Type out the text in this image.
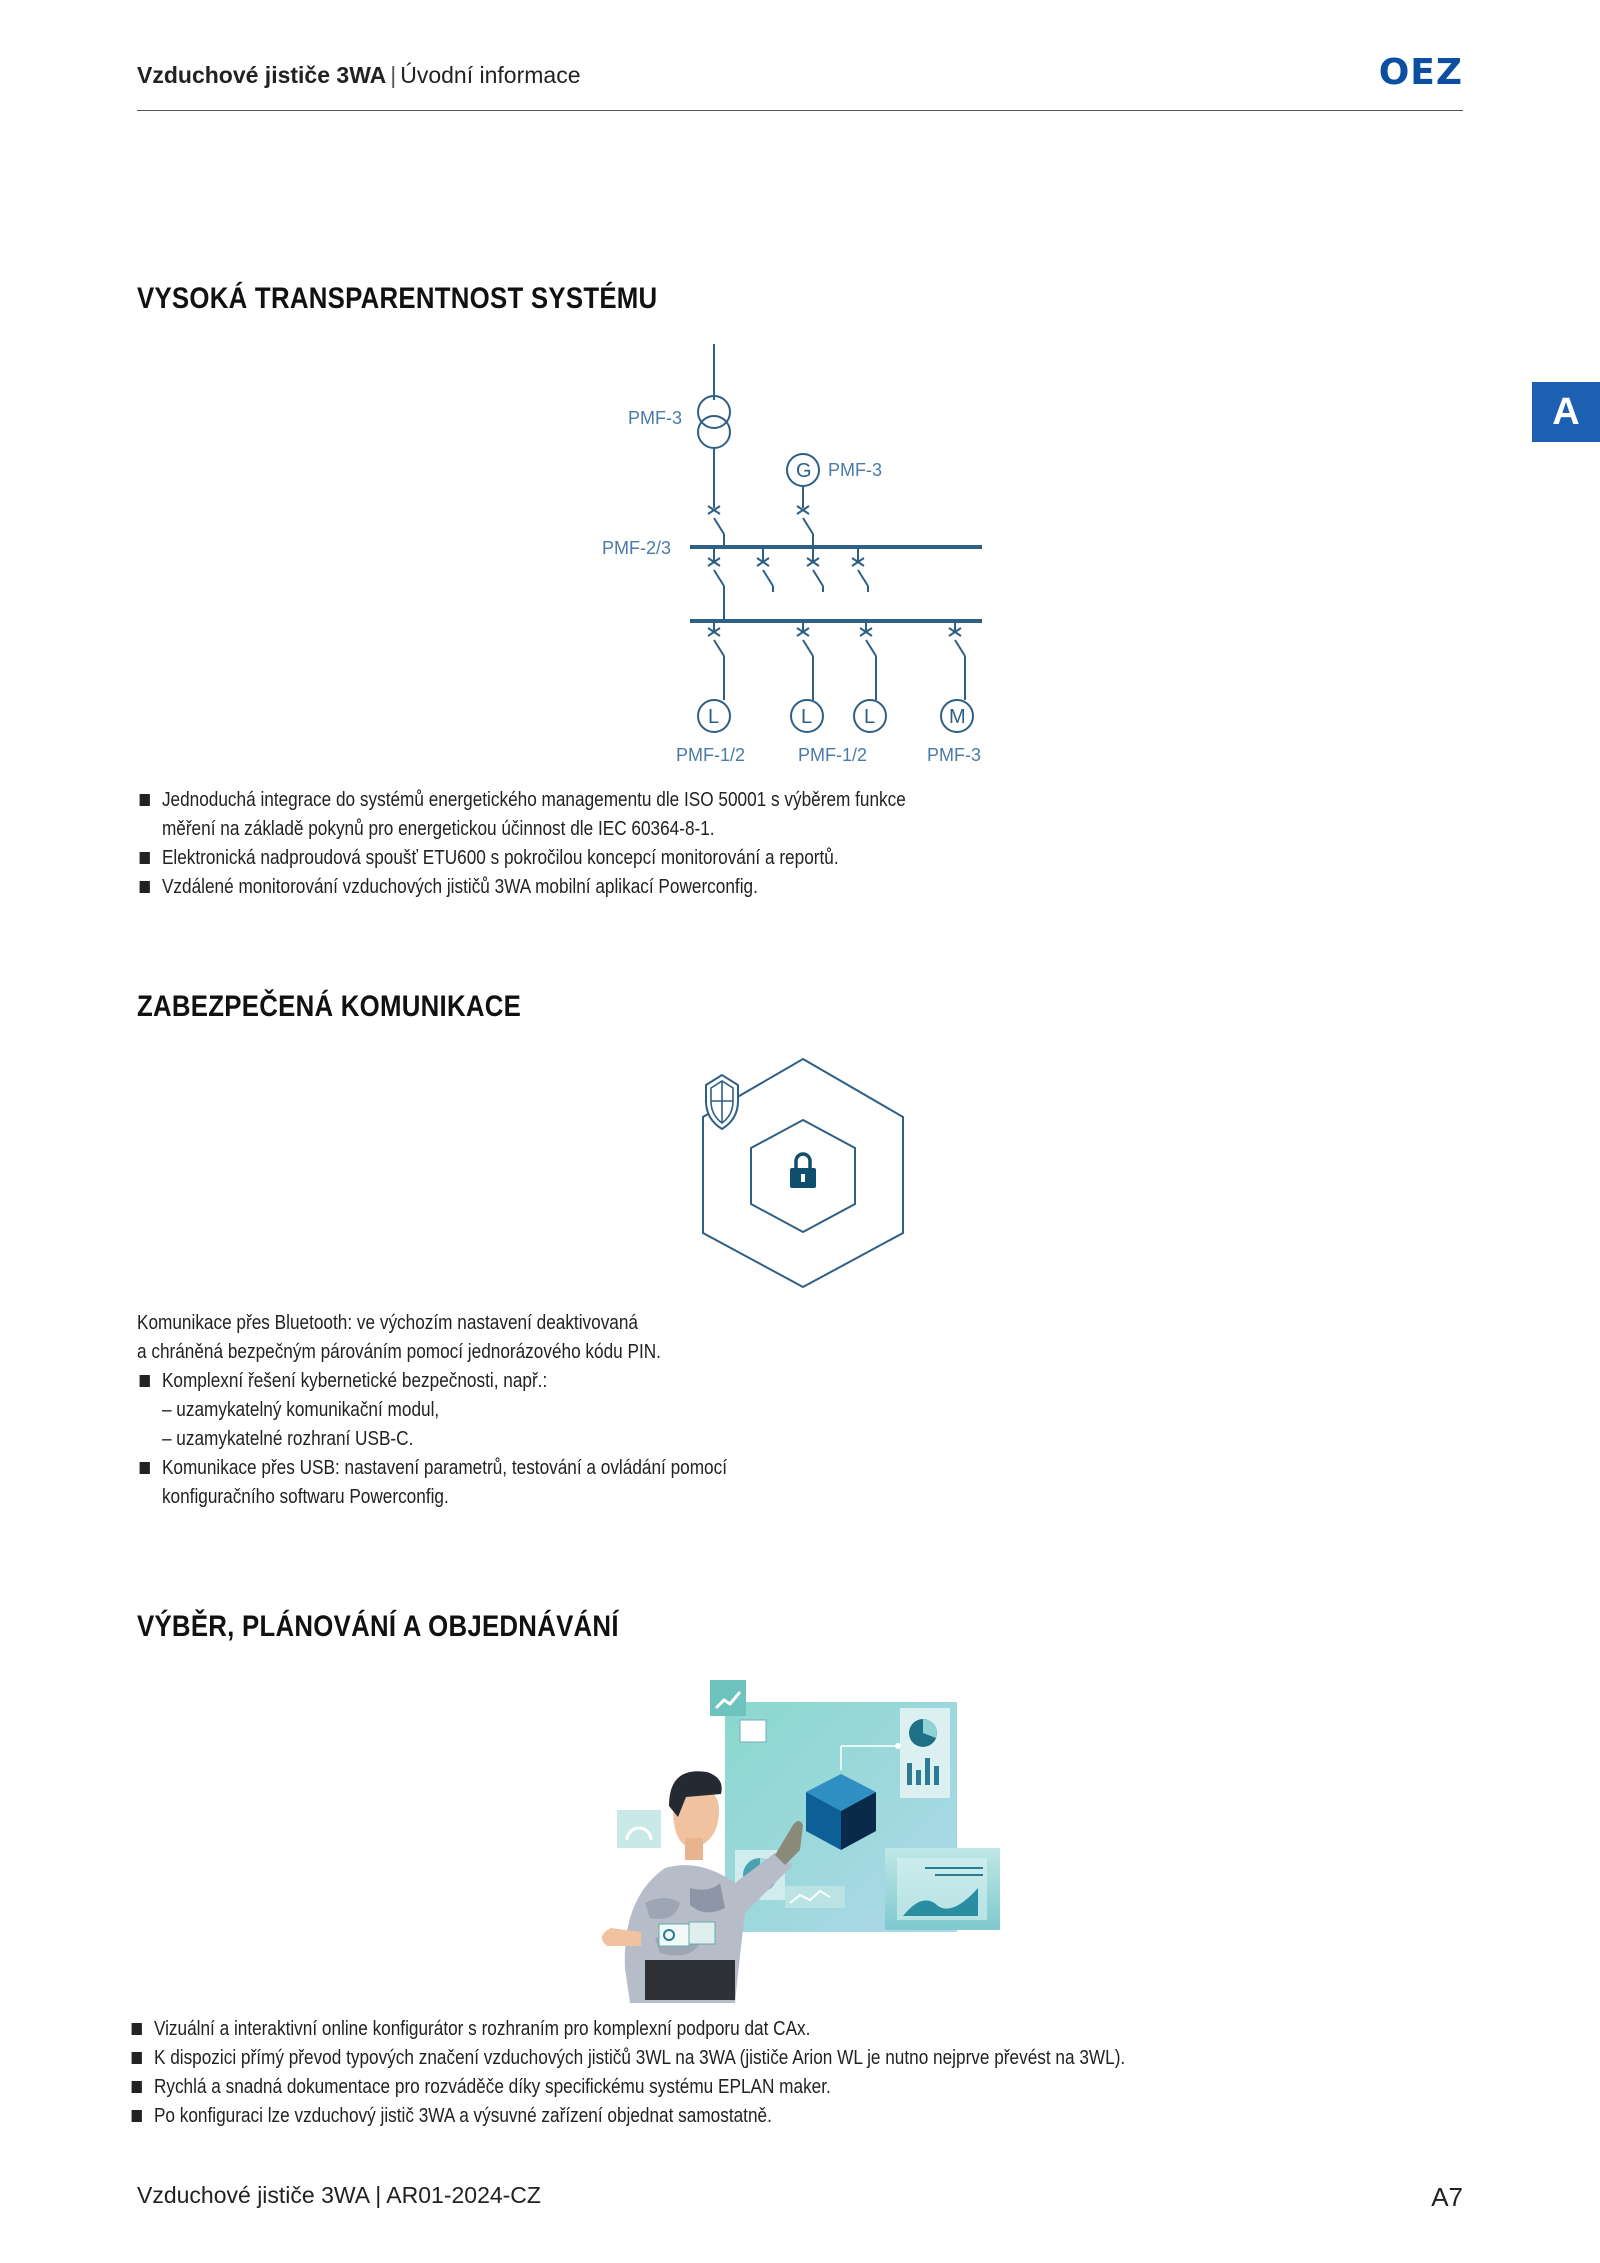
Vzduchové jističe 3WA | Úvodní informace	OEZ
A
VYSOKÁ TRANSPARENTNOST SYSTÉMU
PMF-3
G PMF-3
PMF-2/3
L	L	L	M
PMF-1/2	PMF-1/2	PMF-3
Jednoduchá integrace do systémů energetického managementu dle ISO 50001 s výběrem funkce
měření na základě pokynů pro energetickou účinnost dle IEC 60364-8-1.
Elektronická nadproudová spoušť ETU600 s pokročilou koncepcí monitorování a reportů.
Vzdálené monitorování vzduchových jističů 3WA mobilní aplikací Powerconfig.
ZABEZPEČENÁ KOMUNIKACE
Komunikace přes Bluetooth: ve výchozím nastavení deaktivovaná
a chráněná bezpečným párováním pomocí jednorázového kódu PIN.
Komplexní řešení kybernetické bezpečnosti, např.:
– uzamykatelný komunikační modul,
– uzamykatelné rozhraní USB-C.
Komunikace přes USB: nastavení parametrů, testování a ovládání pomocí
konfiguračního softwaru Powerconfig.
VÝBĚR, PLÁNOVÁNÍ A OBJEDNÁVÁNÍ
Vizuální a interaktivní online konfigurátor s rozhraním pro komplexní podporu dat CAx.
K dispozici přímý převod typových značení vzduchových jističů 3WL na 3WA (jističe Arion WL je nutno nejprve převést na 3WL).
Rychlá a snadná dokumentace pro rozváděče díky specifickému systému EPLAN maker.
Po konfiguraci lze vzduchový jistič 3WA a výsuvné zařízení objednat samostatně.
Vzduchové jističe 3WA | AR01-2024-CZ	A7
